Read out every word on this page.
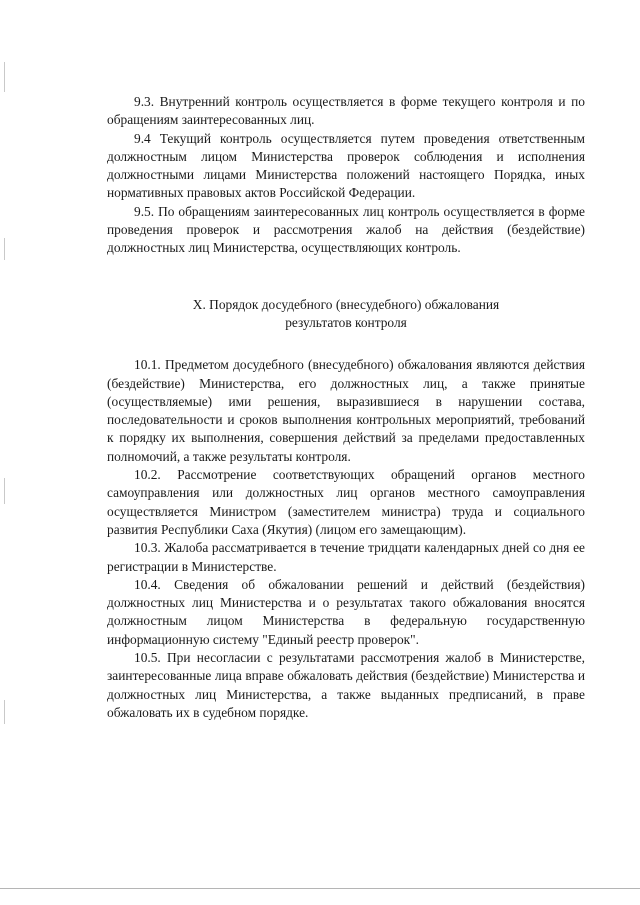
9.3. Внутренний контроль осуществляется в форме текущего контроля и по обращениям заинтересованных лиц.

9.4 Текущий контроль осуществляется путем проведения ответственным должностным лицом Министерства проверок соблюдения и исполнения должностными лицами Министерства положений настоящего Порядка, иных нормативных правовых актов Российской Федерации.

9.5. По обращениям заинтересованных лиц контроль осуществляется в форме проведения проверок и рассмотрения жалоб на действия (бездействие) должностных лиц Министерства, осуществляющих контроль.

X. Порядок досудебного (внесудебного) обжалования
результатов контроля

10.1. Предметом досудебного (внесудебного) обжалования являются действия (бездействие) Министерства, его должностных лиц, а также принятые (осуществляемые) ими решения, выразившиеся в нарушении состава, последовательности и сроков выполнения контрольных мероприятий, требований к порядку их выполнения, совершения действий за пределами предоставленных полномочий, а также результаты контроля.

10.2. Рассмотрение соответствующих обращений органов местного самоуправления или должностных лиц органов местного самоуправления осуществляется Министром (заместителем министра) труда и социального развития Республики Саха (Якутия) (лицом его замещающим).

10.3. Жалоба рассматривается в течение тридцати календарных дней со дня ее регистрации в Министерстве.

10.4. Сведения об обжаловании решений и действий (бездействия) должностных лиц Министерства и о результатах такого обжалования вносятся должностным лицом Министерства в федеральную государственную информационную систему "Единый реестр проверок".

10.5. При несогласии с результатами рассмотрения жалоб в Министерстве, заинтересованные лица вправе обжаловать действия (бездействие) Министерства и должностных лиц Министерства, а также выданных предписаний, в праве обжаловать их в судебном порядке.
